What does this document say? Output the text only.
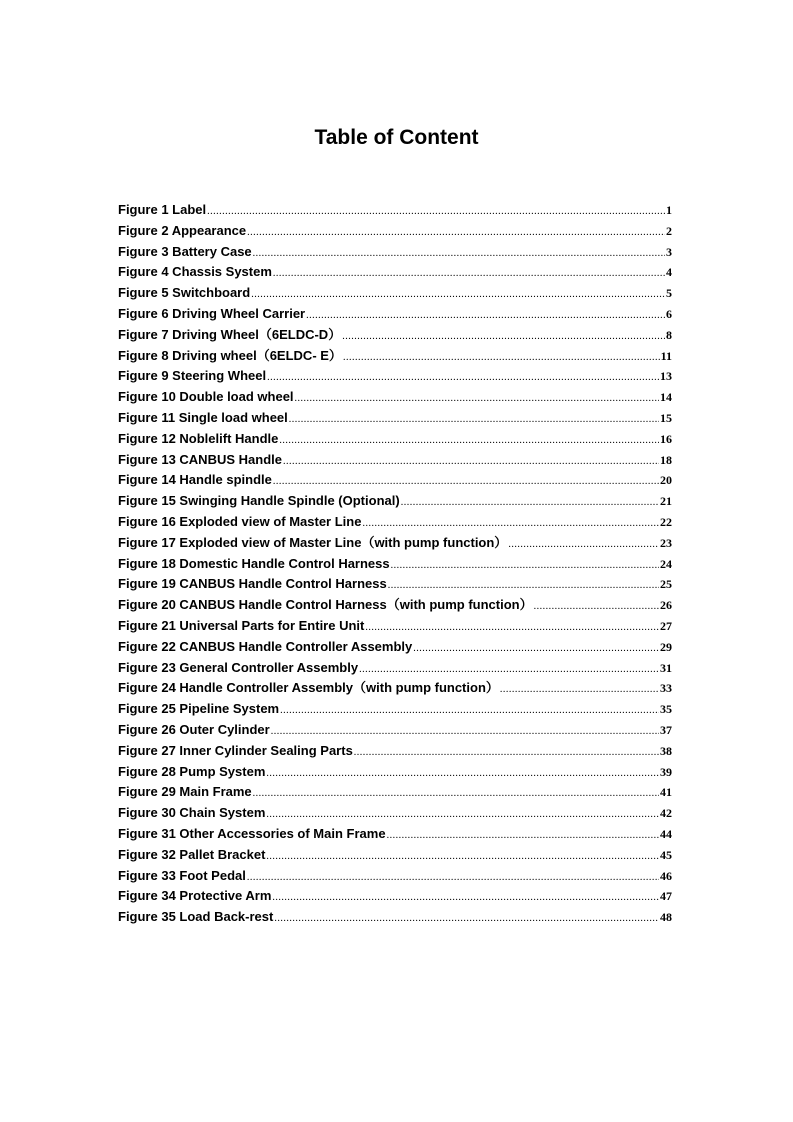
Table of Content
Figure 1 Label .....	1
Figure 2 Appearance .....	2
Figure 3 Battery Case .....	3
Figure 4 Chassis System .....	4
Figure 5 Switchboard .....	5
Figure 6 Driving Wheel Carrier .....	6
Figure 7 Driving Wheel（6ELDC-D） .....	8
Figure 8 Driving wheel（6ELDC- E） .....	11
Figure 9 Steering Wheel .....	13
Figure 10 Double load wheel .....	14
Figure 11 Single load wheel .....	15
Figure 12 Noblelift Handle .....	16
Figure 13 CANBUS Handle .....	18
Figure 14 Handle spindle .....	20
Figure 15 Swinging Handle Spindle (Optional) .....	21
Figure 16 Exploded view of Master Line .....	22
Figure 17 Exploded view of Master Line（with pump function） .....	23
Figure 18 Domestic Handle Control Harness .....	24
Figure 19 CANBUS Handle Control Harness .....	25
Figure 20 CANBUS Handle Control Harness（with pump function） .....	26
Figure 21 Universal Parts for Entire Unit .....	27
Figure 22 CANBUS Handle Controller Assembly .....	29
Figure 23 General Controller Assembly .....	31
Figure 24 Handle Controller Assembly（with pump function） .....	33
Figure 25 Pipeline System .....	35
Figure 26 Outer Cylinder .....	37
Figure 27 Inner Cylinder Sealing Parts .....	38
Figure 28 Pump System .....	39
Figure 29 Main Frame .....	41
Figure 30 Chain System .....	42
Figure 31 Other Accessories of Main Frame .....	44
Figure 32 Pallet Bracket .....	45
Figure 33 Foot Pedal .....	46
Figure 34 Protective Arm .....	47
Figure 35 Load Back-rest .....	48
